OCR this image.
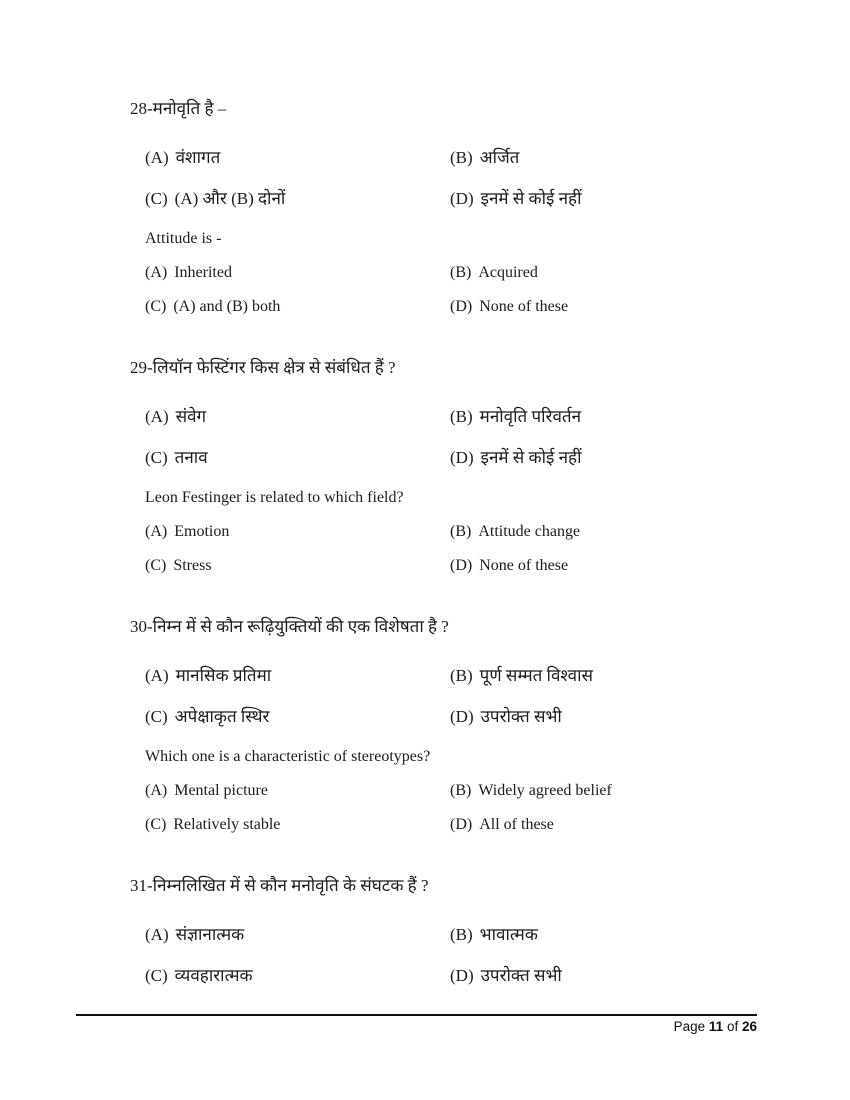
28-मनोवृति है –
(A) वंशागत	(B) अर्जित
(C) (A) और (B) दोनों	(D) इनमें से कोई नहीं
Attitude is -
(A) Inherited	(B) Acquired
(C) (A) and (B) both	(D) None of these
29-लियॉन फेस्टिंगर किस क्षेत्र से संबंधित हैं ?
(A) संवेग	(B) मनोवृति परिवर्तन
(C) तनाव	(D) इनमें से कोई नहीं
Leon Festinger is related to which field?
(A) Emotion	(B) Attitude change
(C) Stress	(D) None of these
30-निम्न में से कौन रूढ़ियुक्तियों की एक विशेषता है ?
(A) मानसिक प्रतिमा	(B) पूर्ण सम्मत विश्वास
(C) अपेक्षाकृत स्थिर	(D) उपरोक्त सभी
Which one is a characteristic of stereotypes?
(A) Mental picture	(B) Widely agreed belief
(C) Relatively stable	(D) All of these
31-निम्नलिखित में से कौन मनोवृति के संघटक हैं ?
(A) संज्ञानात्मक	(B) भावात्मक
(C) व्यवहारात्मक	(D) उपरोक्त सभी
Page 11 of 26
